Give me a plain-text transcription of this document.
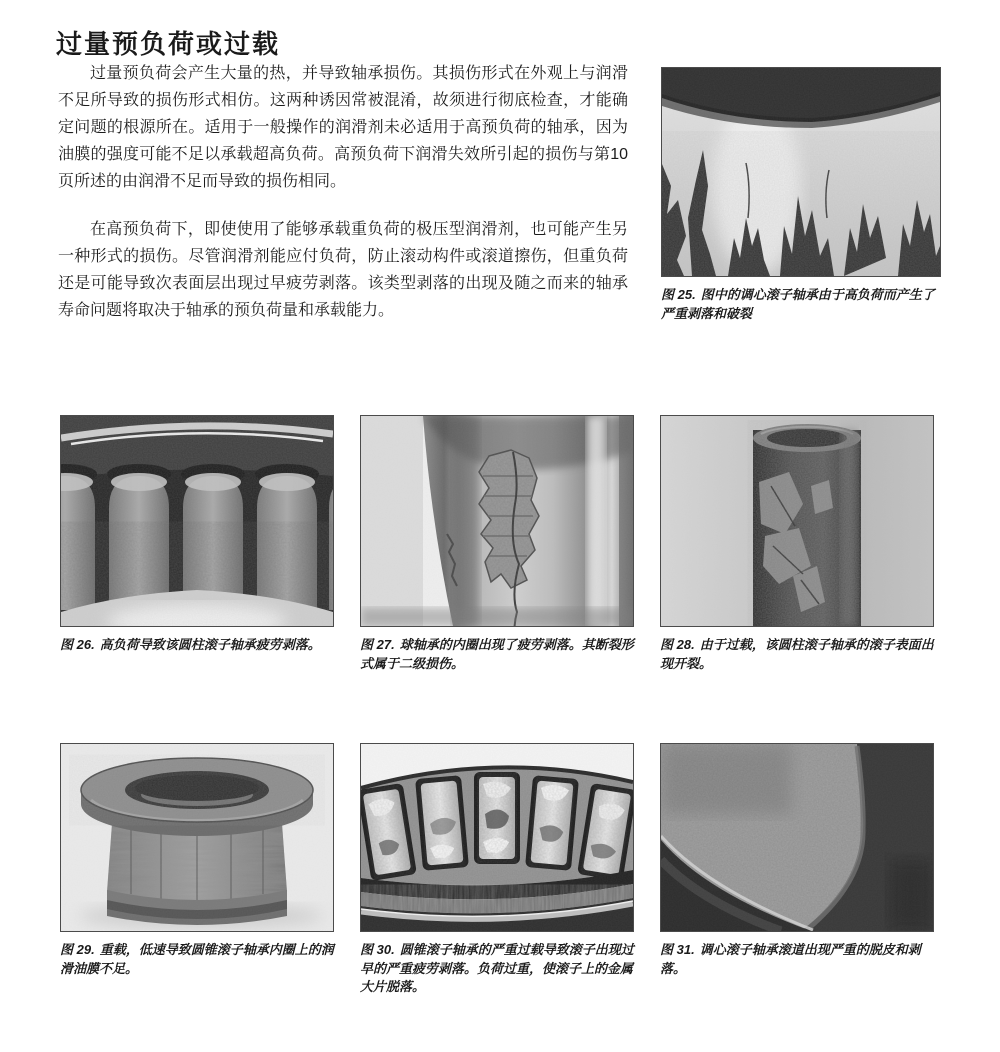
过量预负荷或过载

过量预负荷会产生大量的热，并导致轴承损伤。其损伤形式在外观上与润滑不足所导致的损伤形式相仿。这两种诱因常被混淆，故须进行彻底检查，才能确定问题的根源所在。适用于一般操作的润滑剂未必适用于高预负荷的轴承，因为油膜的强度可能不足以承载超高负荷。高预负荷下润滑失效所引起的损伤与第10页所述的由润滑不足而导致的损伤相同。

在高预负荷下，即使使用了能够承载重负荷的极压型润滑剂，也可能产生另一种形式的损伤。尽管润滑剂能应付负荷，防止滚动构件或滚道擦伤，但重负荷还是可能导致次表面层出现过早疲劳剥落。该类型剥落的出现及随之而来的轴承寿命问题将取决于轴承的预负荷量和承载能力。

图 25. 图中的调心滚子轴承由于高负荷而产生了严重剥落和破裂
图 26. 高负荷导致该圆柱滚子轴承疲劳剥落。	图 27. 球轴承的内圈出现了疲劳剥落。其断裂形式属于二级损伤。
图 28. 由于过载，该圆柱滚子轴承的滚子表面出现开裂。
图 29. 重载，低速导致圆锥滚子轴承内圈上的润滑油膜不足。
图 30. 圆锥滚子轴承的严重过载导致滚子出现过早的严重疲劳剥落。负荷过重，使滚子上的金属大片脱落。
图 31. 调心滚子轴承滚道出现严重的脱皮和剥落。
